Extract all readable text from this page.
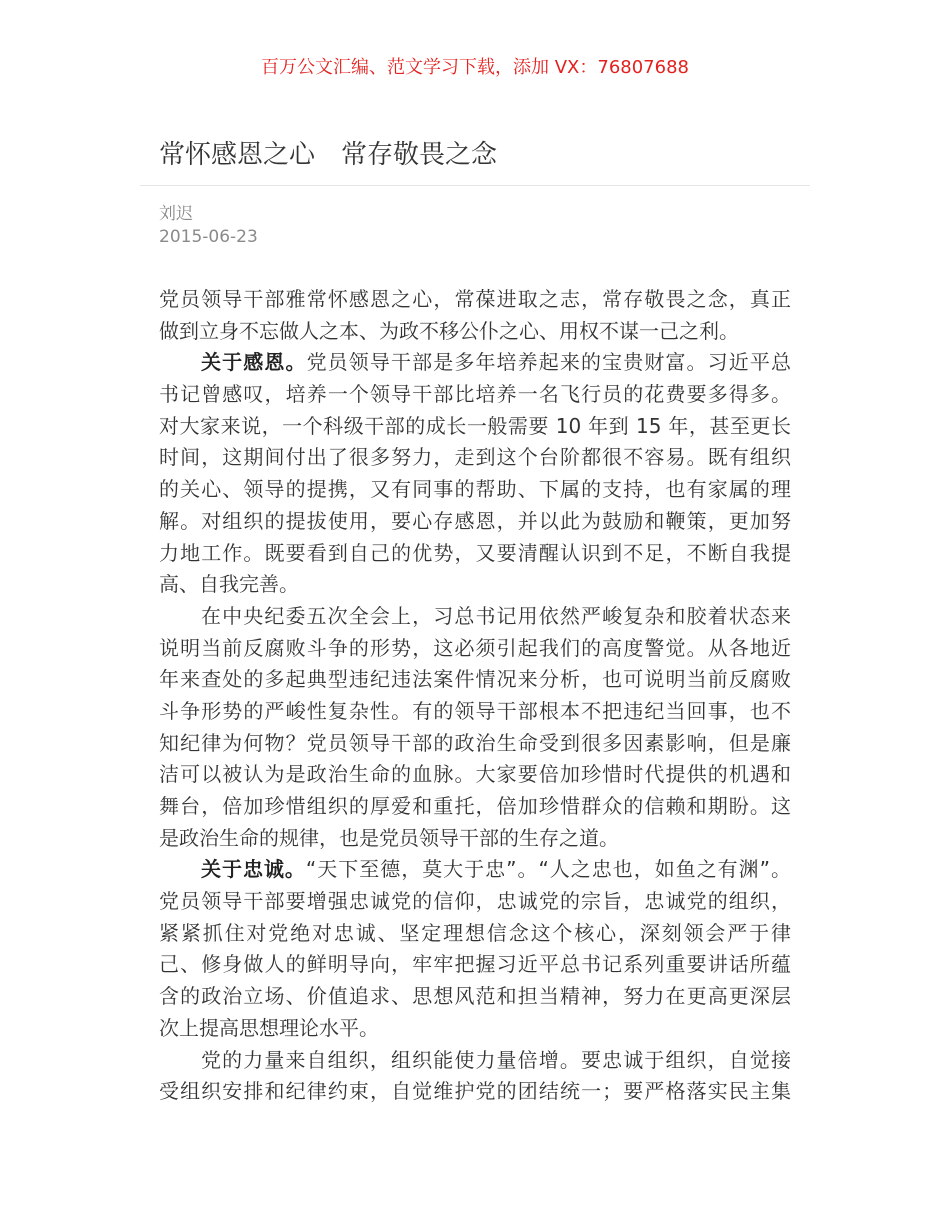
百万公文汇编、范文学习下载，添加 VX：76807688
常怀感恩之心　常存敬畏之念
刘迟
2015-06-23
党员领导干部雅常怀感恩之心，常葆进取之志，常存敬畏之念，真正
做到立身不忘做人之本、为政不移公仆之心、用权不谋一己之利。
关于感恩。党员领导干部是多年培养起来的宝贵财富。习近平总
书记曾感叹，培养一个领导干部比培养一名飞行员的花费要多得多。
对大家来说，一个科级干部的成长一般需要 10 年到 15 年，甚至更长
时间，这期间付出了很多努力，走到这个台阶都很不容易。既有组织
的关心、领导的提携，又有同事的帮助、下属的支持，也有家属的理
解。对组织的提拔使用，要心存感恩，并以此为鼓励和鞭策，更加努
力地工作。既要看到自己的优势，又要清醒认识到不足，不断自我提
高、自我完善。
在中央纪委五次全会上，习总书记用依然严峻复杂和胶着状态来
说明当前反腐败斗争的形势，这必须引起我们的高度警觉。从各地近
年来查处的多起典型违纪违法案件情况来分析，也可说明当前反腐败
斗争形势的严峻性复杂性。有的领导干部根本不把违纪当回事，也不
知纪律为何物？党员领导干部的政治生命受到很多因素影响，但是廉
洁可以被认为是政治生命的血脉。大家要倍加珍惜时代提供的机遇和
舞台，倍加珍惜组织的厚爱和重托，倍加珍惜群众的信赖和期盼。这
是政治生命的规律，也是党员领导干部的生存之道。
关于忠诚。“天下至德，莫大于忠”。“人之忠也，如鱼之有渊”。
党员领导干部要增强忠诚党的信仰，忠诚党的宗旨，忠诚党的组织，
紧紧抓住对党绝对忠诚、坚定理想信念这个核心，深刻领会严于律
己、修身做人的鲜明导向，牢牢把握习近平总书记系列重要讲话所蕴
含的政治立场、价值追求、思想风范和担当精神，努力在更高更深层
次上提高思想理论水平。
党的力量来自组织，组织能使力量倍增。要忠诚于组织，自觉接
受组织安排和纪律约束，自觉维护党的团结统一；要严格落实民主集
